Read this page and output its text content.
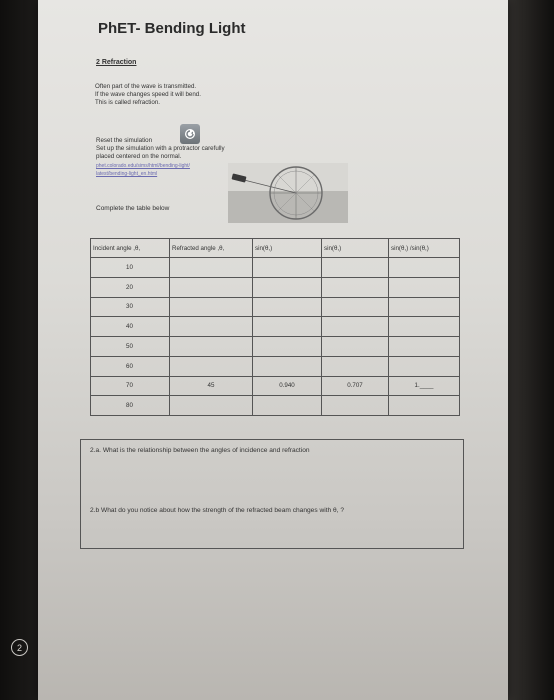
PhET- Bending Light
2 Refraction
Often part of the wave is transmitted.
If the wave changes speed it will bend.
This is called refraction.
Reset the simulation
Set up the simulation with a protractor carefully
placed centered on the normal.
phet.colorado.edu/sims/html/bending-light/
latest/bending-light_en.html
Complete the table below
2.a. What is the relationship between the angles of incidence and refraction
2.b What do you notice about how the strength of the refracted beam changes with θ, ?
2
Incident angle ,θ,	Refracted angle ,θ,	sin(θ,)	sin(θ,)	sin(θ,) /sin(θ,)
10				
20				
30				
40				
50				
60				
70	45	0.940	0.707	1.____
80				
